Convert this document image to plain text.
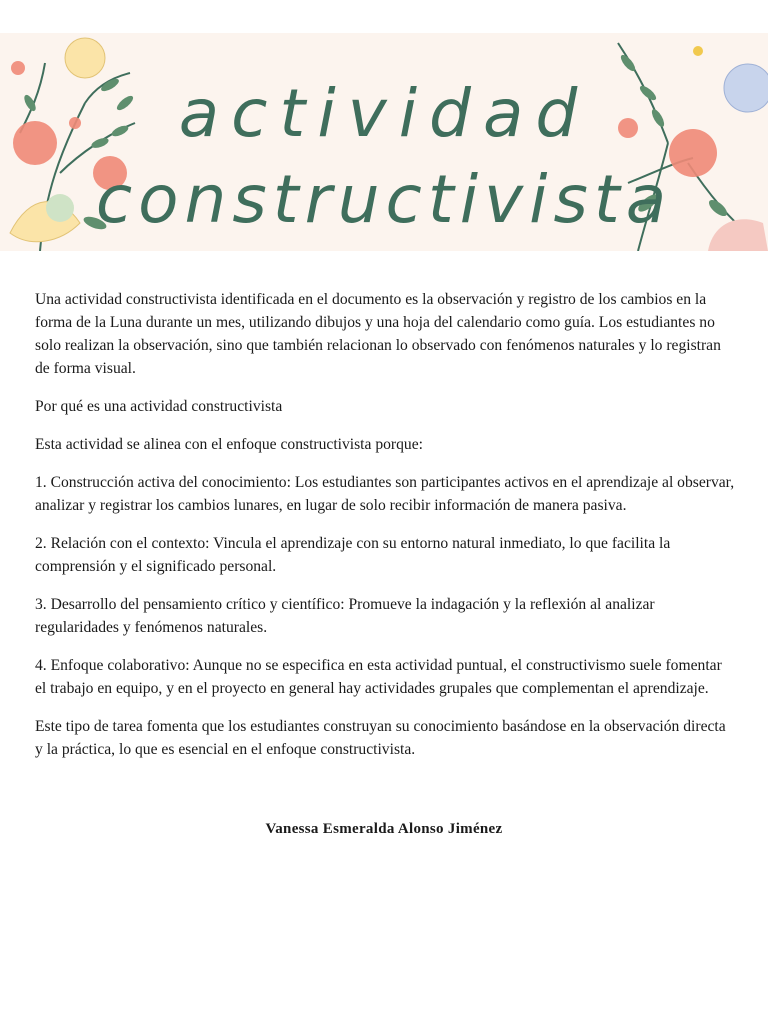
actividad
constructivista

Una actividad constructivista identificada en el documento es la observación y registro de los cambios en la forma de la Luna durante un mes, utilizando dibujos y una hoja del calendario como guía. Los estudiantes no solo realizan la observación, sino que también relacionan lo observado con fenómenos naturales y lo registran de forma visual.

Por qué es una actividad constructivista

Esta actividad se alinea con el enfoque constructivista porque:

1. Construcción activa del conocimiento: Los estudiantes son participantes activos en el aprendizaje al observar, analizar y registrar los cambios lunares, en lugar de solo recibir información de manera pasiva.

2. Relación con el contexto: Vincula el aprendizaje con su entorno natural inmediato, lo que facilita la comprensión y el significado personal.

3. Desarrollo del pensamiento crítico y científico: Promueve la indagación y la reflexión al analizar regularidades y fenómenos naturales.

4. Enfoque colaborativo: Aunque no se especifica en esta actividad puntual, el constructivismo suele fomentar el trabajo en equipo, y en el proyecto en general hay actividades grupales que complementan el aprendizaje.

Este tipo de tarea fomenta que los estudiantes construyan su conocimiento basándose en la observación directa y la práctica, lo que es esencial en el enfoque constructivista.

Vanessa Esmeralda Alonso Jiménez
